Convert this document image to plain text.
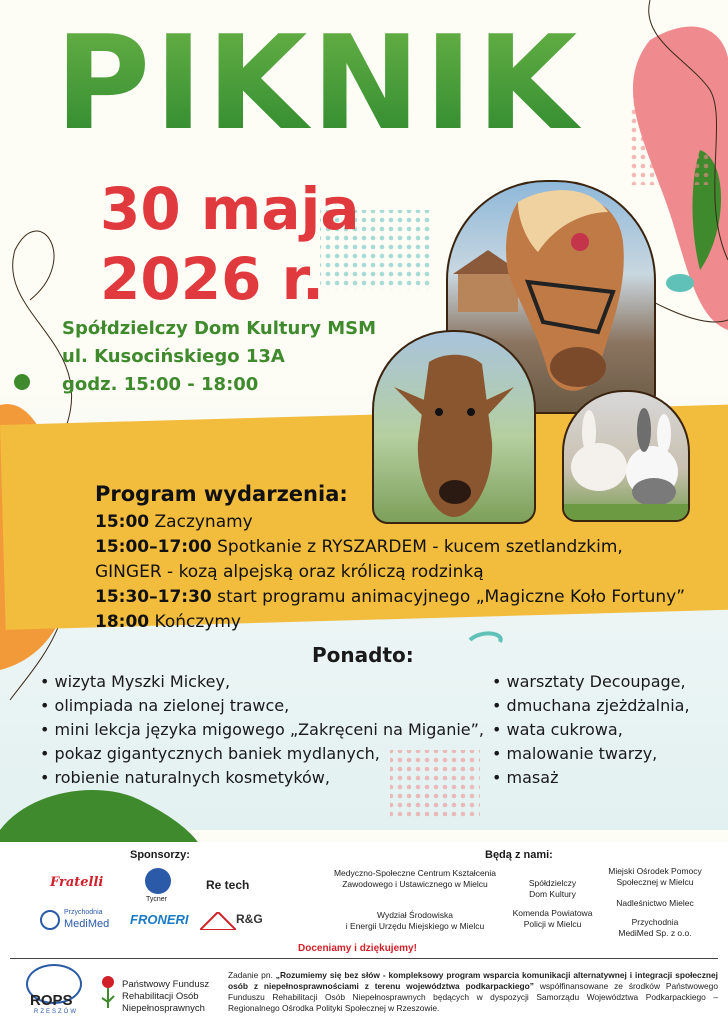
PIKNIK
30 maja
2026 r.
Spółdzielczy Dom Kultury MSM
ul. Kusocińskiego 13A
godz. 15:00 - 18:00
Program wydarzenia:
15:00 Zaczynamy
15:00–17:00 Spotkanie z RYSZARDEM - kucem szetlandzkim,
GINGER - kozą alpejską oraz króliczą rodzinką
15:30–17:30 start programu animacyjnego „Magiczne Koło Fortuny”
18:00 Kończymy
Ponadto:
• wizyta Myszki Mickey,
• olimpiada na zielonej trawce,
• mini lekcja języka migowego „Zakręceni na Miganie”,
• pokaz gigantycznych baniek mydlanych,
• robienie naturalnych kosmetyków,
• warsztaty Decoupage,
• dmuchana zjeżdżalnia,
• wata cukrowa,
• malowanie twarzy,
• masaż
Sponsorzy:
Fratelli
Tycner
Re tech
Przychodnia
MediMed FRONERI	R&G
Będą z nami:
Medyczno-Społeczne Centrum Kształcenia
Zawodowego i Ustawicznego w Mielcu
Wydział Środowiska
i Energii Urzędu Miejskiego w Mielcu
Spółdzielczy
Dom Kultury
Komenda Powiatowa
Policji w Mielcu
Miejski Ośrodek Pomocy
Społecznej w Mielcu
Nadleśnictwo Mielec
Przychodnia
MediMed Sp. z o.o.
Doceniamy i dziękujemy!
ROPS
RZESZÓW
Państwowy Fundusz
Rehabilitacji Osób
Niepełnosprawnych
Zadanie pn. „Rozumiemy się bez słów - kompleksowy program wsparcia komunikacji alternatywnej i integracji społecznej osób z niepełnosprawnościami z terenu województwa podkarpackiego” współfinansowane ze środków Państwowego Funduszu Rehabilitacji Osób Niepełnosprawnych będących w dyspozycji Samorządu Województwa Podkarpackiego – Regionalnego Ośrodka Polityki Społecznej w Rzeszowie.
